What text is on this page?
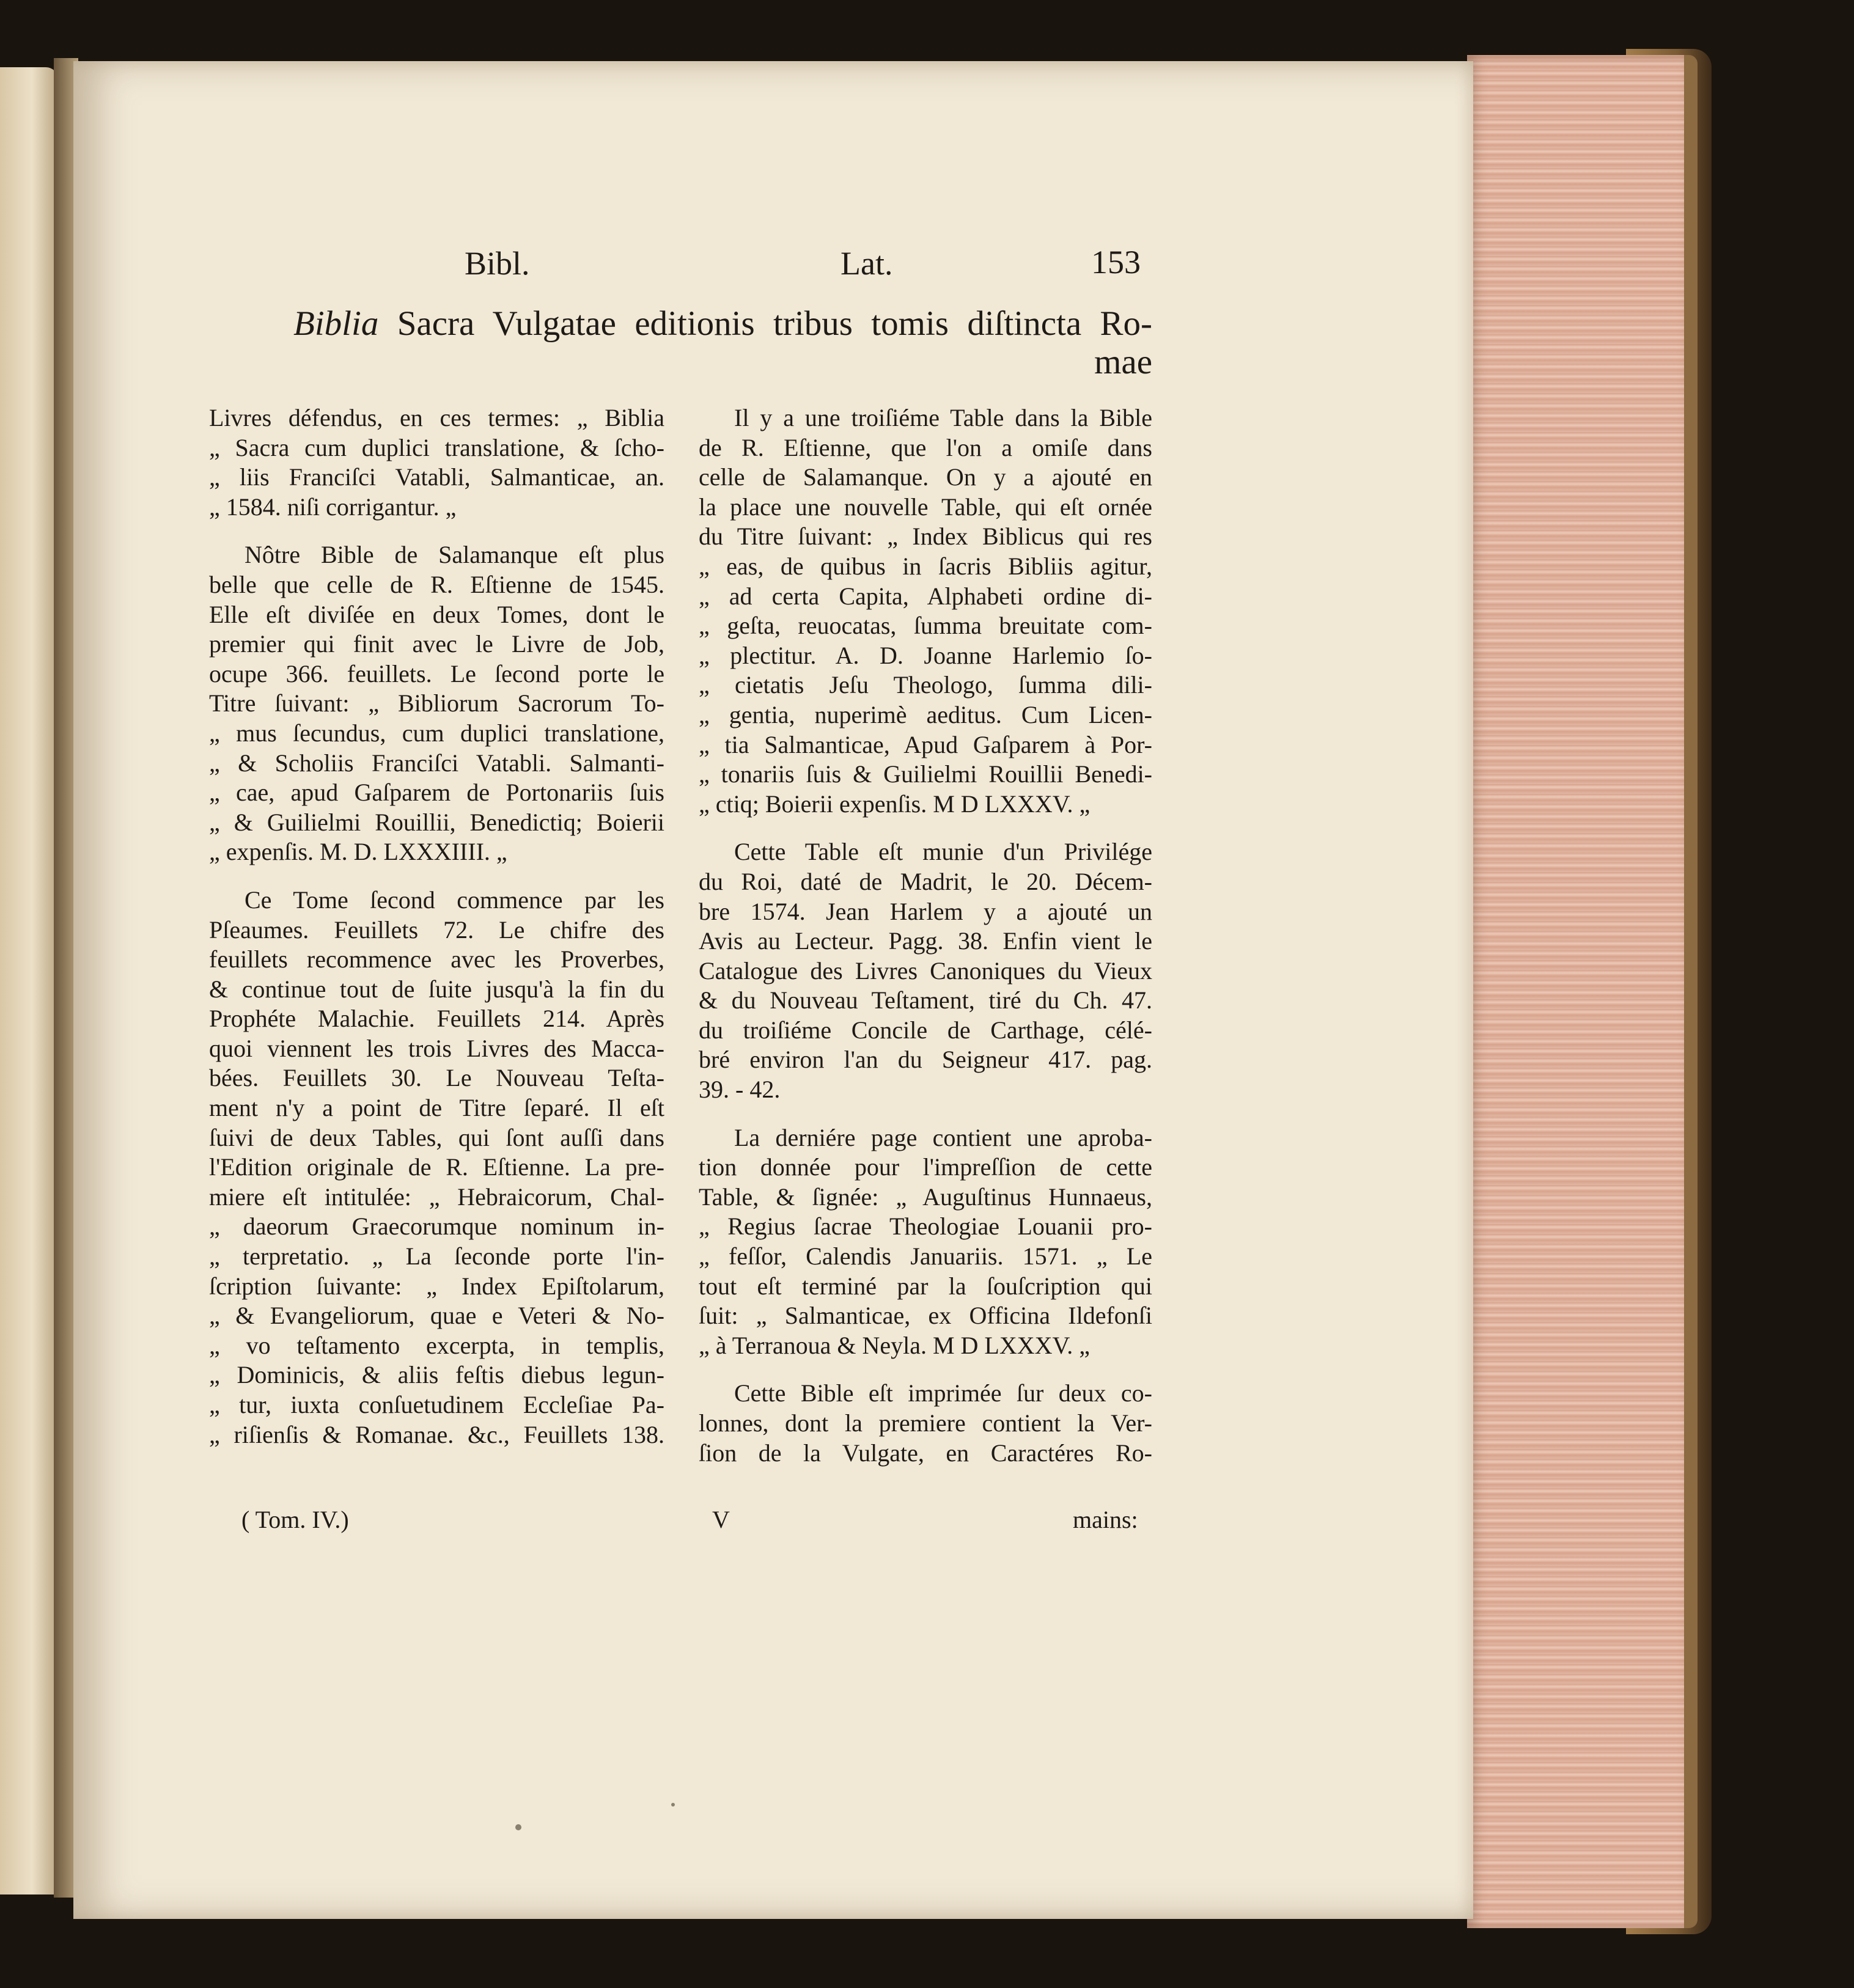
Bibl.	Lat.	153
Biblia Sacra Vulgatae editionis tribus tomis diſtincta Ro-
mae
Livres défendus, en ces termes: „ Biblia
„ Sacra cum duplici translatione, & ſcho-
„ liis Franciſci Vatabli, Salmanticae, an.
„ 1584. niſi corrigantur. „
Nôtre Bible de Salamanque eſt plus
belle que celle de R. Eſtienne de 1545.
Elle eſt diviſée en deux Tomes, dont le
premier qui finit avec le Livre de Job,
ocupe 366. feuillets. Le ſecond porte le
Titre ſuivant: „ Bibliorum Sacrorum To-
„ mus ſecundus, cum duplici translatione,
„ & Scholiis Franciſci Vatabli. Salmanti-
„ cae, apud Gaſparem de Portonariis ſuis
„ & Guilielmi Rouillii, Benedictiq; Boierii
„ expenſis. M. D. LXXXIIII. „
Ce Tome ſecond commence par les
Pſeaumes. Feuillets 72. Le chifre des
feuillets recommence avec les Proverbes,
& continue tout de ſuite jusqu'à la fin du
Prophéte Malachie. Feuillets 214. Après
quoi viennent les trois Livres des Macca-
bées. Feuillets 30. Le Nouveau Teſta-
ment n'y a point de Titre ſeparé. Il eſt
ſuivi de deux Tables, qui ſont auſſi dans
l'Edition originale de R. Eſtienne. La pre-
miere eſt intitulée: „ Hebraicorum, Chal-
„ daeorum Graecorumque nominum in-
„ terpretatio. „ La ſeconde porte l'in-
ſcription ſuivante: „ Index Epiſtolarum,
„ & Evangeliorum, quae e Veteri & No-
„ vo teſtamento excerpta, in templis,
„ Dominicis, & aliis feſtis diebus legun-
„ tur, iuxta conſuetudinem Eccleſiae Pa-
„ riſienſis & Romanae. &c., Feuillets 138.
Il y a une troiſiéme Table dans la Bible
de R. Eſtienne, que l'on a omiſe dans
celle de Salamanque. On y a ajouté en
la place une nouvelle Table, qui eſt ornée
du Titre ſuivant: „ Index Biblicus qui res
„ eas, de quibus in ſacris Bibliis agitur,
„ ad certa Capita, Alphabeti ordine di-
„ geſta, reuocatas, ſumma breuitate com-
„ plectitur. A. D. Joanne Harlemio ſo-
„ cietatis Jeſu Theologo, ſumma dili-
„ gentia, nuperimè aeditus. Cum Licen-
„ tia Salmanticae, Apud Gaſparem à Por-
„ tonariis ſuis & Guilielmi Rouillii Benedi-
„ ctiq; Boierii expenſis. M D LXXXV. „
Cette Table eſt munie d'un Privilége
du Roi, daté de Madrit, le 20. Décem-
bre 1574. Jean Harlem y a ajouté un
Avis au Lecteur. Pagg. 38. Enfin vient le
Catalogue des Livres Canoniques du Vieux
& du Nouveau Teſtament, tiré du Ch. 47.
du troiſiéme Concile de Carthage, célé-
bré environ l'an du Seigneur 417. pag.
39. - 42.
La derniére page contient une aproba-
tion donnée pour l'impreſſion de cette
Table, & ſignée: „ Auguſtinus Hunnaeus,
„ Regius ſacrae Theologiae Louanii pro-
„ feſſor, Calendis Januariis. 1571. „ Le
tout eſt terminé par la ſouſcription qui
ſuit: „ Salmanticae, ex Officina Ildefonſi
„ à Terranoua & Neyla. M D LXXXV. „
Cette Bible eſt imprimée ſur deux co-
lonnes, dont la premiere contient la Ver-
ſion de la Vulgate, en Caractéres Ro-
( Tom. IV.)	V	mains:
